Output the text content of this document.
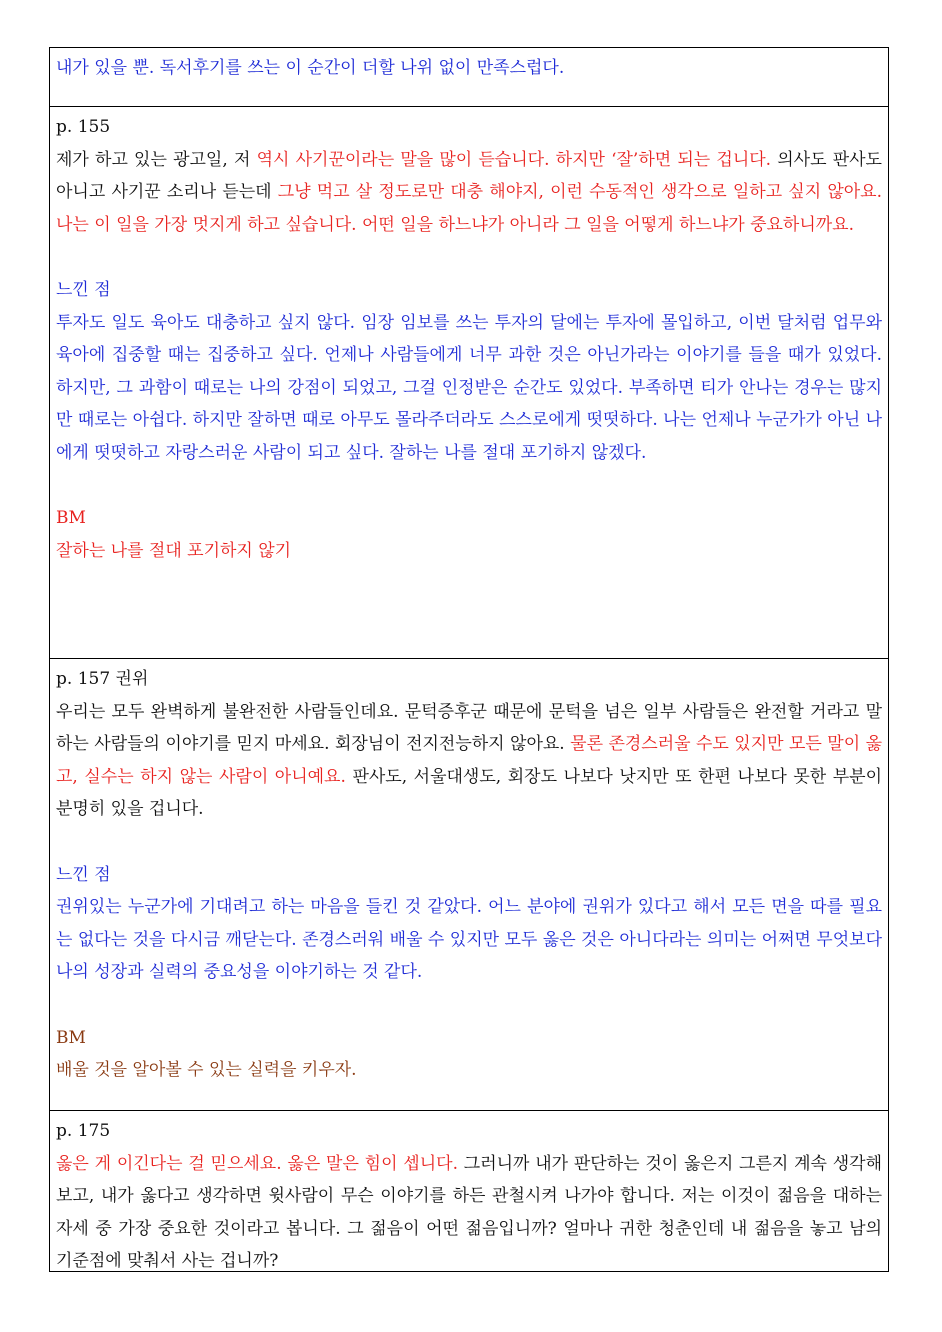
내가 있을 뿐. 독서후기를 쓰는 이 순간이 더할 나위 없이 만족스럽다.

p. 155

제가 하고 있는 광고일, 저 역시 사기꾼이라는 말을 많이 듣습니다. 하지만 ‘잘’하면 되는 겁니다. 의사도 판사도 아니고 사기꾼 소리나 듣는데 그냥 먹고 살 정도로만 대충 해야지, 이런 수동적인 생각으로 일하고 싶지 않아요. 나는 이 일을 가장 멋지게 하고 싶습니다. 어떤 일을 하느냐가 아니라 그 일을 어떻게 하느냐가 중요하니까요.

느낀 점

투자도 일도 육아도 대충하고 싶지 않다. 임장 임보를 쓰는 투자의 달에는 투자에 몰입하고, 이번 달처럼 업무와 육아에 집중할 때는 집중하고 싶다. 언제나 사람들에게 너무 과한 것은 아닌가라는 이야기를 들을 때가 있었다. 하지만, 그 과함이 때로는 나의 강점이 되었고, 그걸 인정받은 순간도 있었다. 부족하면 티가 안나는 경우는 많지만 때로는 아쉽다. 하지만 잘하면 때로 아무도 몰라주더라도 스스로에게 떳떳하다. 나는 언제나 누군가가 아닌 나에게 떳떳하고 자랑스러운 사람이 되고 싶다. 잘하는 나를 절대 포기하지 않겠다.

BM

잘하는 나를 절대 포기하지 않기

p. 157 권위

우리는 모두 완벽하게 불완전한 사람들인데요. 문턱증후군 때문에 문턱을 넘은 일부 사람들은 완전할 거라고 말하는 사람들의 이야기를 믿지 마세요. 회장님이 전지전능하지 않아요. 물론 존경스러울 수도 있지만 모든 말이 옳고, 실수는 하지 않는 사람이 아니예요. 판사도, 서울대생도, 회장도 나보다 낫지만 또 한편 나보다 못한 부분이 분명히 있을 겁니다.

느낀 점

권위있는 누군가에 기대려고 하는 마음을 들킨 것 같았다. 어느 분야에 권위가 있다고 해서 모든 면을 따를 필요는 없다는 것을 다시금 깨닫는다. 존경스러워 배울 수 있지만 모두 옳은 것은 아니다라는 의미는 어쩌면 무엇보다 나의 성장과 실력의 중요성을 이야기하는 것 같다.

BM

배울 것을 알아볼 수 있는 실력을 키우자.

p. 175

옳은 게 이긴다는 걸 믿으세요. 옳은 말은 힘이 셉니다. 그러니까 내가 판단하는 것이 옳은지 그른지 계속 생각해보고, 내가 옳다고 생각하면 윗사람이 무슨 이야기를 하든 관철시켜 나가야 합니다. 저는 이것이 젊음을 대하는 자세 중 가장 중요한 것이라고 봅니다. 그 젊음이 어떤 젊음입니까? 얼마나 귀한 청춘인데 내 젊음을 놓고 남의 기준점에 맞춰서 사는 겁니까?
